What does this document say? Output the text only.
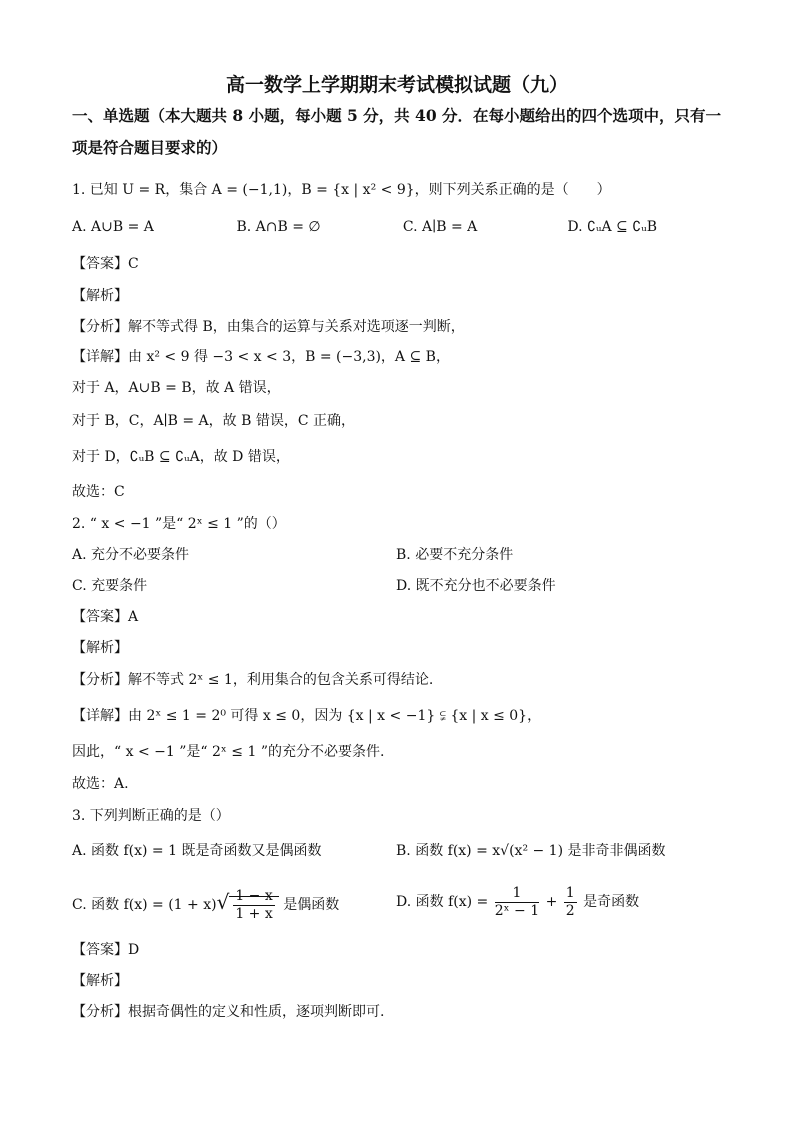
高一数学上学期期末考试模拟试题（九）
一、单选题（本大题共 8 小题，每小题 5 分，共 40 分．在每小题给出的四个选项中，只有一
项是符合题目要求的）
1. 已知 U = R，集合 A = (−1,1)，B = {x | x² < 9}，则下列关系正确的是（　　）
A. A∪B = A	B. A∩B = ∅	C. A∣B = A	D. ∁ᵤA ⊆ ∁ᵤB
【答案】C
【解析】
【分析】解不等式得 B，由集合的运算与关系对选项逐一判断，
【详解】由 x² < 9 得 −3 < x < 3，B = (−3,3)，A ⊆ B，
对于 A，A∪B = B，故 A 错误，
对于 B，C，A∣B = A，故 B 错误，C 正确，
对于 D，∁ᵤB ⊆ ∁ᵤA，故 D 错误，
故选：C
2. “ x < −1 ”是“ 2ˣ ≤ 1 ”的（）
A. 充分不必要条件	B. 必要不充分条件
C. 充要条件	D. 既不充分也不必要条件
【答案】A
【解析】
【分析】解不等式 2ˣ ≤ 1，利用集合的包含关系可得结论.
【详解】由 2ˣ ≤ 1 = 2⁰ 可得 x ≤ 0，因为 {x | x < −1} ⫋ {x | x ≤ 0}，
因此，“ x < −1 ”是“ 2ˣ ≤ 1 ”的充分不必要条件.
故选：A.
3. 下列判断正确的是（）
A. 函数 f(x) = 1 既是奇函数又是偶函数	B. 函数 f(x) = x√(x² − 1) 是非奇非偶函数
C. 函数 $f(x) = (1 + x)√ \frac{1 - x}{1 + x}$ 是偶函数	D. 函数 $f(x) = \frac{1}{\text{2ˣ − 1}} + \frac{1}{2}$ 是奇函数
【答案】D
【解析】
【分析】根据奇偶性的定义和性质，逐项判断即可.
